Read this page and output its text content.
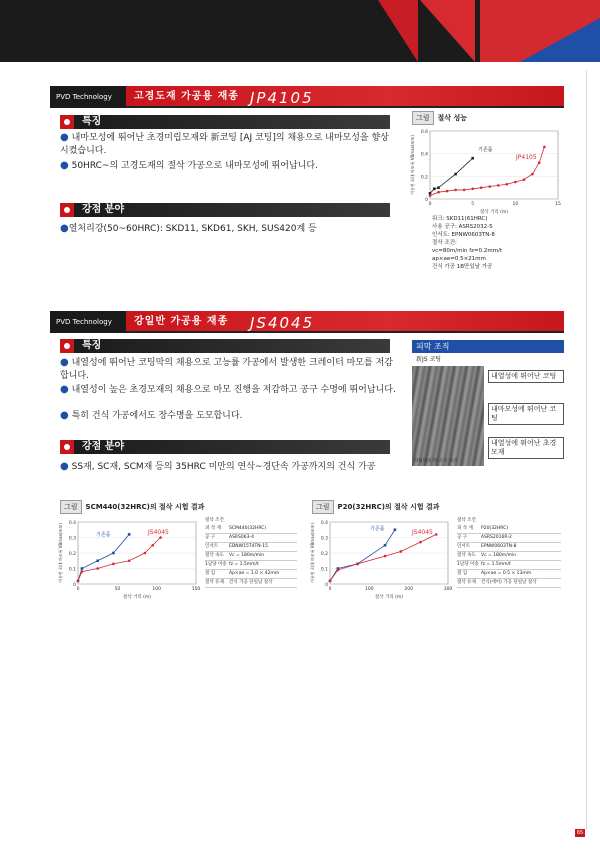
PVD Technology	고경도재 가공용 재종 JP4105
특징
● 내마모성에 뛰어난 초경미립모재와 新코팅 [AJ 코팅]의 채용으로 내마모성을 향상시켰습니다.
● 50HRC~의 고경도재의 절삭 가공으로 내마모성에 뛰어납니다.
강점 분야
●열처리강(50~60HRC): SKD11, SKD61, SKH, SUS420계 등
그림 절삭 성능
0
0.2
0.4
0.6
0	5	10	15
절삭 거리 (m)
여유면 최대 마모폭 VBmax(mm)	기존품
JP4105
워크: SKD11(61HRC)
사용 공구: ASRS2032-5
인서트: EPNW0603TN-8
절삭 조건:
vc=80m/min fz=0.2mm/t
ap×ae=0.5×21mm
건식 가공 1B만일날 가공
PVD Technology	강일반 가공용 재종 JS4045
특징
● 내열성에 뛰어난 코팅막의 채용으로 고능률 가공에서 발생한 크레이터 마모를 저감합니다.
● 내열성이 높은 초경모재의 채용으로 마모 진행을 저감하고 공구 수명에 뛰어납니다.
● 특히 건식 가공에서도 장수명을 도모합니다.
강점 분야
● SS재, SC재, SCM재 등의 35HRC 미만의 연삭~경단속 가공까지의 건식 가공
피막 조직
新JS 코팅
코팅막의 막 조직 사진
내열성에 뛰어난 코팅
내마모성에 뛰어난 코팅
내열성에 뛰어난 초경모재
그림 SCM440(32HRC)의 절삭 시험 결과
0
0.1
0.2
0.3
0.4
0	50	100	150
절삭 거리 (m)
여유면 최대 마모폭 VBmax(mm)	기존품	JS4045
절삭 조건
피 삭 재	SCM440(32HRC)
공 구	ASRS063-4
인서트	EDNW15T4TN-15
절삭 속도	Vc = 180m/min
1날당 이송 fz = 1.5mm/t
절 입	Ap×ae = 1.0 × 42mm
절삭 유제	건식 가공 단일날 절삭
그림 P20(32HRC)의 절삭 시험 결과
0
0.1
0.2
0.3
0.4
0	100	200	300
절삭 거리 (m)
여유면 최대 마모폭 VBmax(mm)	기존품	JS4045
절삭 조건
피 삭 재	P20(32HRC)
공 구	ASRS2016R-2
인서트	EPNW0603TN-8
절삭 속도	Vc = 180m/min
1날당 이송 fz = 1.5mm/t
절 입	Ap×ae = 0.5 × 13mm
절삭 유제	건식(에어) 가공 단일날 절삭
65
